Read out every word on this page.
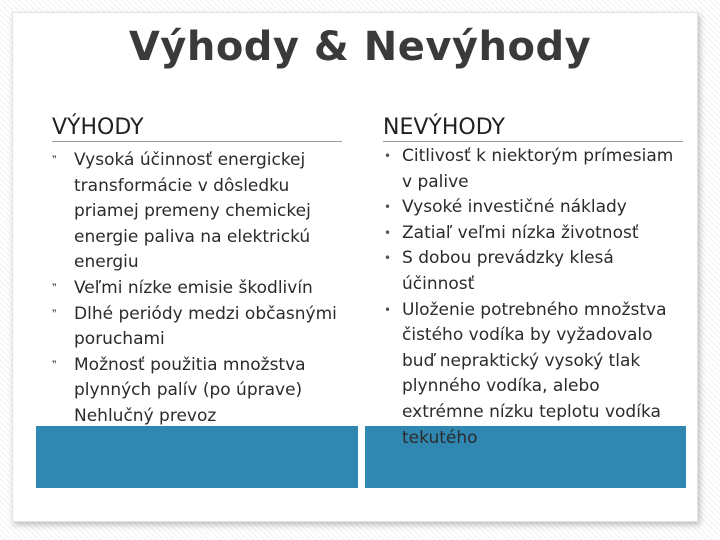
Výhody & Nevýhody
VÝHODY	NEVÝHODY
❞ Vysoká účinnosť energickej transformácie v dôsledku priamej premeny chemickej energie paliva na elektrickú energiu
❞ Veľmi nízke emisie škodlivín
❞ Dlhé periódy medzi občasnými poruchami
❞ Možnosť použitia množstva plynných palív (po úprave)
Nehlučný prevoz
• Citlivosť k niektorým prímesiam v palive
• Vysoké investičné náklady
• Zatiaľ veľmi nízka životnosť
• S dobou prevádzky klesá účinnosť
• Uloženie potrebného množstva čistého vodíka by vyžadovalo buď nepraktický vysoký tlak plynného vodíka, alebo extrémne nízku teplotu vodíka tekutého
